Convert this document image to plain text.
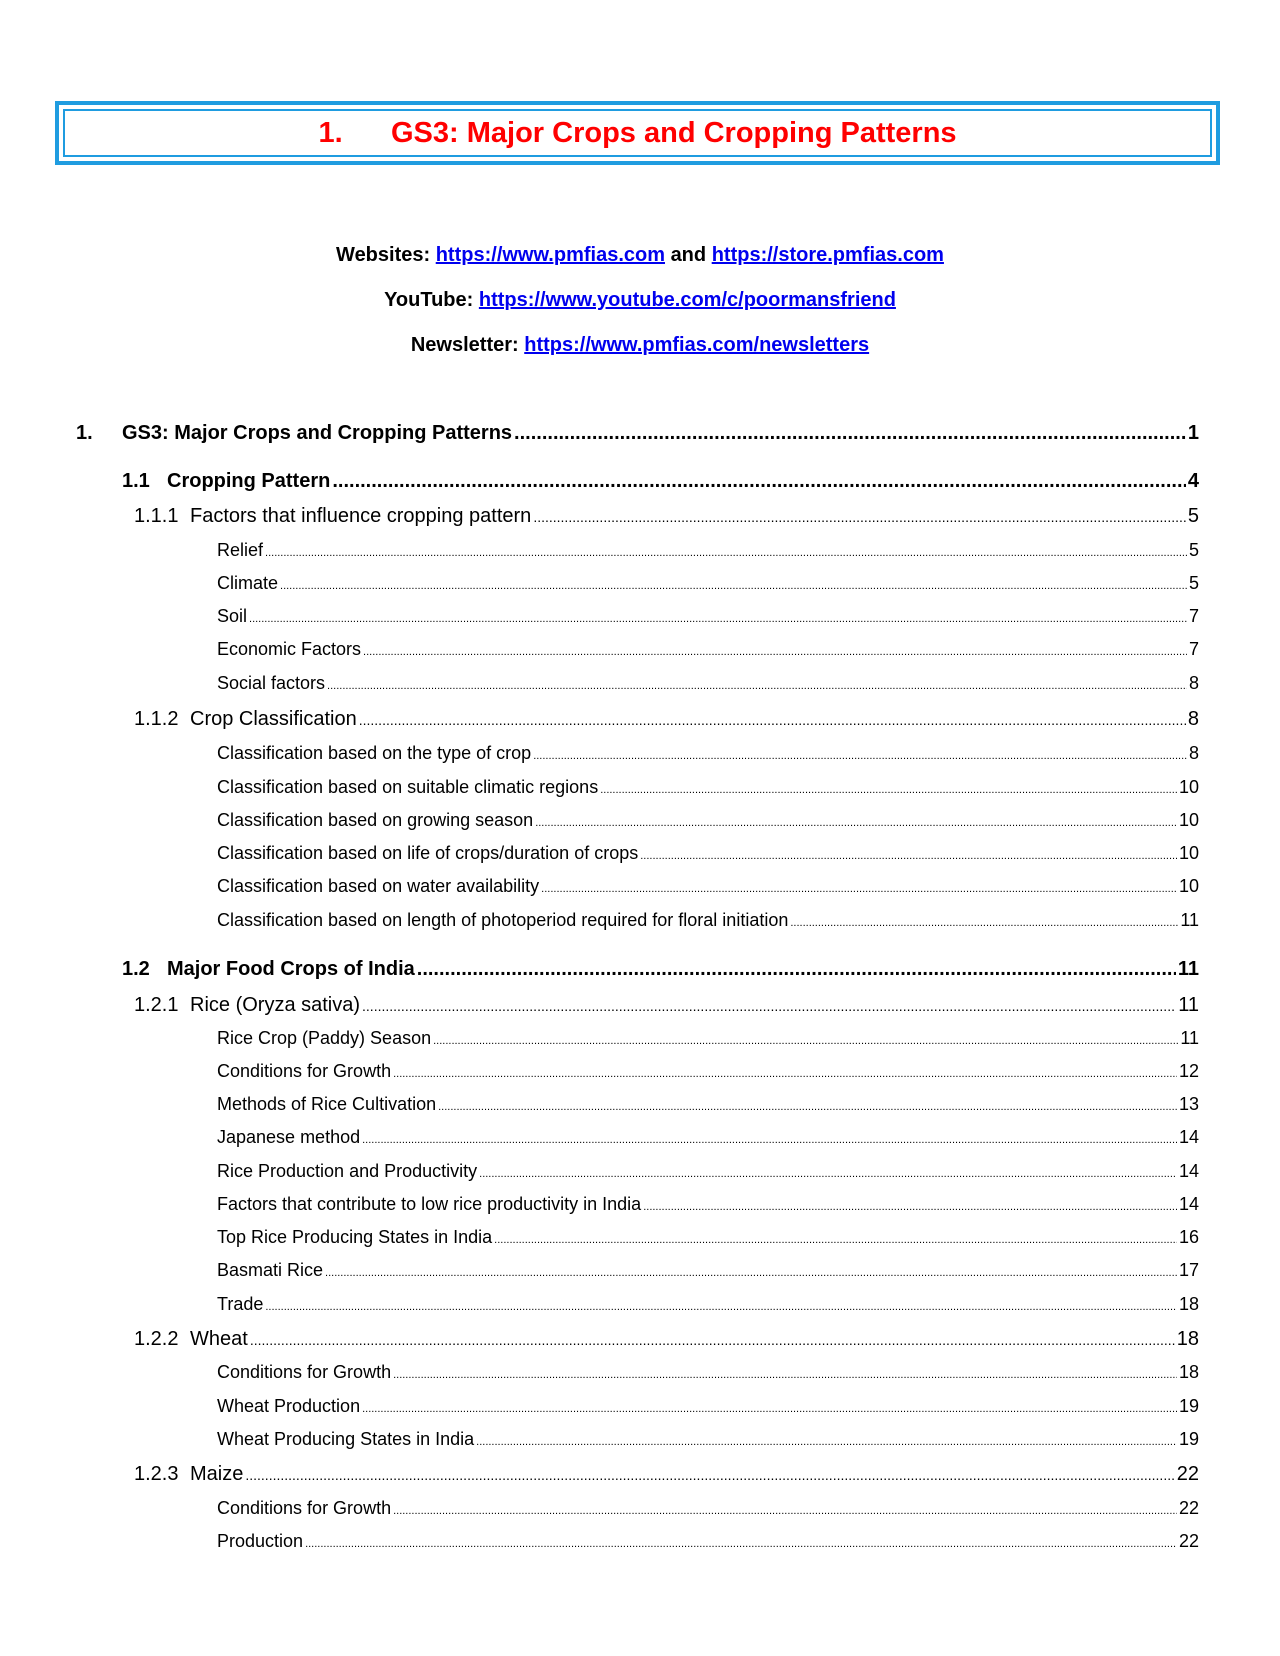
1. GS3: Major Crops and Cropping Patterns
Websites: https://www.pmfias.com and https://store.pmfias.com
YouTube: https://www.youtube.com/c/poormansfriend
Newsletter: https://www.pmfias.com/newsletters
1.	GS3: Major Crops and Cropping Patterns .....	1
1.1 Cropping Pattern .....	4
1.1.1 Factors that influence cropping pattern .....	5
Relief .....	5
Climate .....	5
Soil .....	7
Economic Factors .....	7
Social factors .....	8
1.1.2 Crop Classification .....	8
Classification based on the type of crop .....	8
Classification based on suitable climatic regions .....	10
Classification based on growing season .....	10
Classification based on life of crops/duration of crops .....	10
Classification based on water availability .....	10
Classification based on length of photoperiod required for floral initiation .....	11
1.2 Major Food Crops of India .....	11
1.2.1 Rice (Oryza sativa) .....	11
Rice Crop (Paddy) Season .....	11
Conditions for Growth .....	12
Methods of Rice Cultivation .....	13
Japanese method .....	14
Rice Production and Productivity .....	14
Factors that contribute to low rice productivity in India .....	14
Top Rice Producing States in India .....	16
Basmati Rice .....	17
Trade .....	18
1.2.2 Wheat .....	18
Conditions for Growth .....	18
Wheat Production .....	19
Wheat Producing States in India .....	19
1.2.3 Maize .....	22
Conditions for Growth .....	22
Production .....	22
